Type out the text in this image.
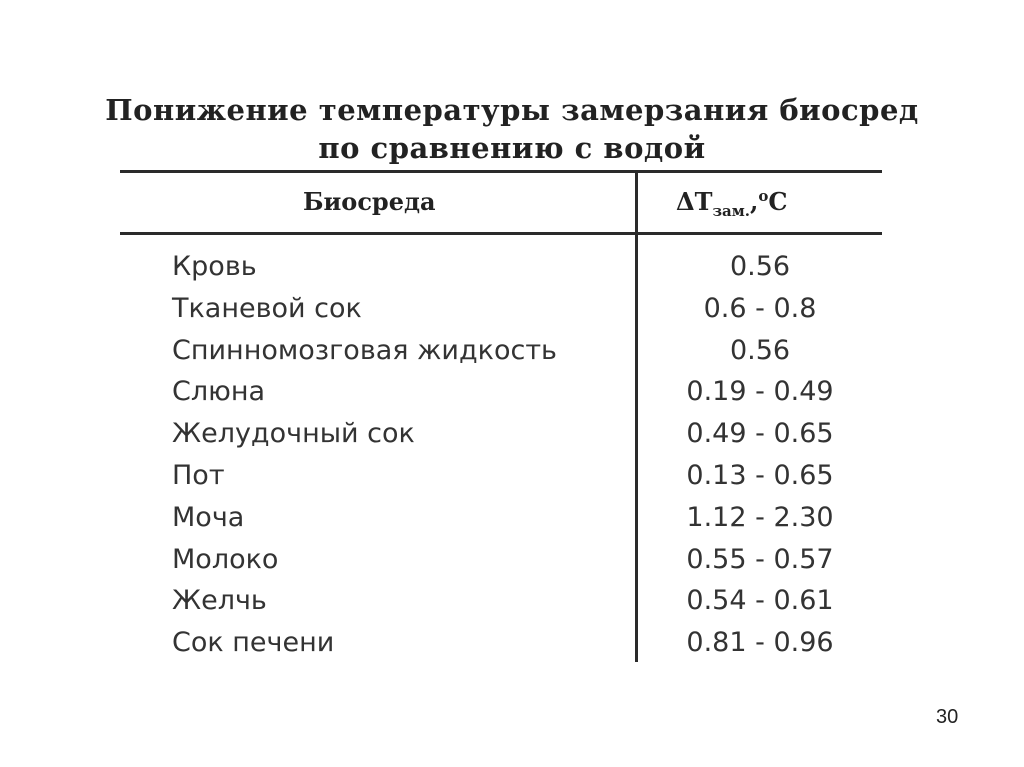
Понижение температуры замерзания биосред
по сравнению с водой
Биосреда	$\Delta T_{зам.},^оС$
Кровь	0.56
Тканевой сок	0.6 - 0.8
Спинномозговая жидкость	0.56
Слюна	0.19 - 0.49
Желудочный сок	0.49 - 0.65
Пот	0.13 - 0.65
Моча	1.12 - 2.30
Молоко	0.55 - 0.57
Желчь	0.54 - 0.61
Сок печени	0.81 - 0.96
30
